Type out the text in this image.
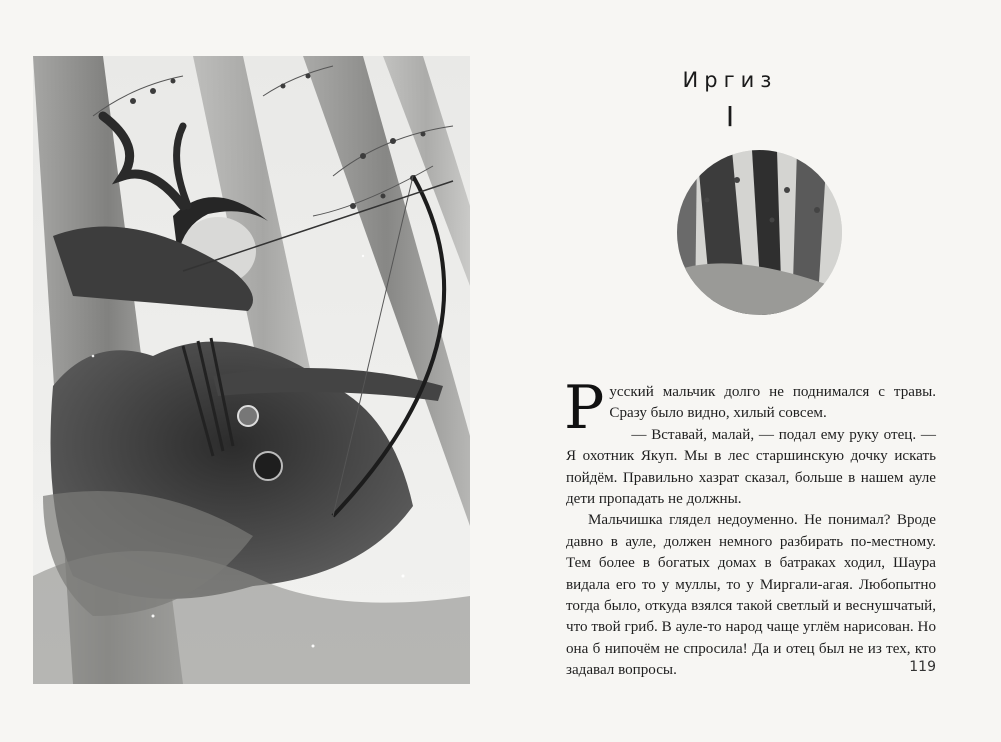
Иргиз
I

Русский мальчик долго не поднимался с травы. Сразу было видно, хилый совсем.

— Вставай, малай, — подал ему руку отец. — Я охотник Якуп. Мы в лес старшинскую дочку искать пойдём. Правильно хазрат сказал, больше в нашем ауле дети пропадать не должны.

Мальчишка глядел недоуменно. Не понимал? Вроде давно в ауле, должен немного разбирать по-местному. Тем более в богатых домах в батраках ходил, Шаура видала его то у муллы, то у Миргали-агая. Любопытно тогда было, откуда взялся такой светлый и веснушчатый, что твой гриб. В ауле-то народ чаще углём нарисован. Но она б нипочём не спросила! Да и отец был не из тех, кто задавал вопросы.	119
